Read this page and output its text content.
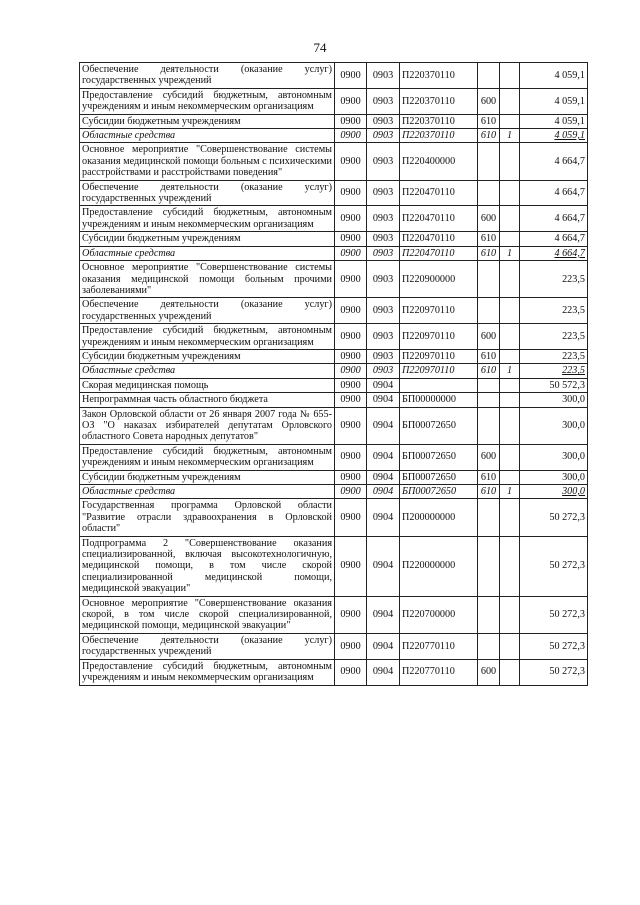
74
Обеспечение деятельности (оказание услуг) государственных учреждений	0900	0903	П220370110			4 059,1
Предоставление субсидий бюджетным, автономным учреждениям и иным некоммерческим организациям	0900	0903	П220370110	600		4 059,1
Субсидии бюджетным учреждениям	0900	0903	П220370110	610		4 059,1
Областные средства	0900	0903	П220370110	610	1	4 059,1
Основное мероприятие "Совершенствование системы оказания медицинской помощи больным с психическими расстройствами и расстройствами поведения"	0900	0903	П220400000			4 664,7
Обеспечение деятельности (оказание услуг) государственных учреждений	0900	0903	П220470110			4 664,7
Предоставление субсидий бюджетным, автономным учреждениям и иным некоммерческим организациям	0900	0903	П220470110	600		4 664,7
Субсидии бюджетным учреждениям	0900	0903	П220470110	610		4 664,7
Областные средства	0900	0903	П220470110	610	1	4 664,7
Основное мероприятие "Совершенствование системы оказания медицинской помощи больным прочими заболеваниями"	0900	0903	П220900000			223,5
Обеспечение деятельности (оказание услуг) государственных учреждений	0900	0903	П220970110			223,5
Предоставление субсидий бюджетным, автономным учреждениям и иным некоммерческим организациям	0900	0903	П220970110	600		223,5
Субсидии бюджетным учреждениям	0900	0903	П220970110	610		223,5
Областные средства	0900	0903	П220970110	610	1	223,5
Скорая медицинская помощь	0900	0904				50 572,3
Непрограммная часть областного бюджета	0900	0904	БП00000000			300,0
Закон Орловской области от 26 января 2007 года № 655-ОЗ "О наказах избирателей депутатам Орловского областного Совета народных депутатов"	0900	0904	БП00072650			300,0
Предоставление субсидий бюджетным, автономным учреждениям и иным некоммерческим организациям	0900	0904	БП00072650	600		300,0
Субсидии бюджетным учреждениям	0900	0904	БП00072650	610		300,0
Областные средства	0900	0904	БП00072650	610	1	300,0
Государственная программа Орловской области "Развитие отрасли здравоохранения в Орловской области"	0900	0904	П200000000			50 272,3
Подпрограмма 2 "Совершенствование оказания специализированной, включая высокотехнологичную, медицинской помощи, в том числе скорой специализированной медицинской помощи, медицинской эвакуации"	0900	0904	П220000000			50 272,3
Основное мероприятие "Совершенствование оказания скорой, в том числе скорой специализированной, медицинской помощи, медицинской эвакуации"	0900	0904	П220700000			50 272,3
Обеспечение деятельности (оказание услуг) государственных учреждений	0900	0904	П220770110			50 272,3
Предоставление субсидий бюджетным, автономным учреждениям и иным некоммерческим организациям	0900	0904	П220770110	600		50 272,3
